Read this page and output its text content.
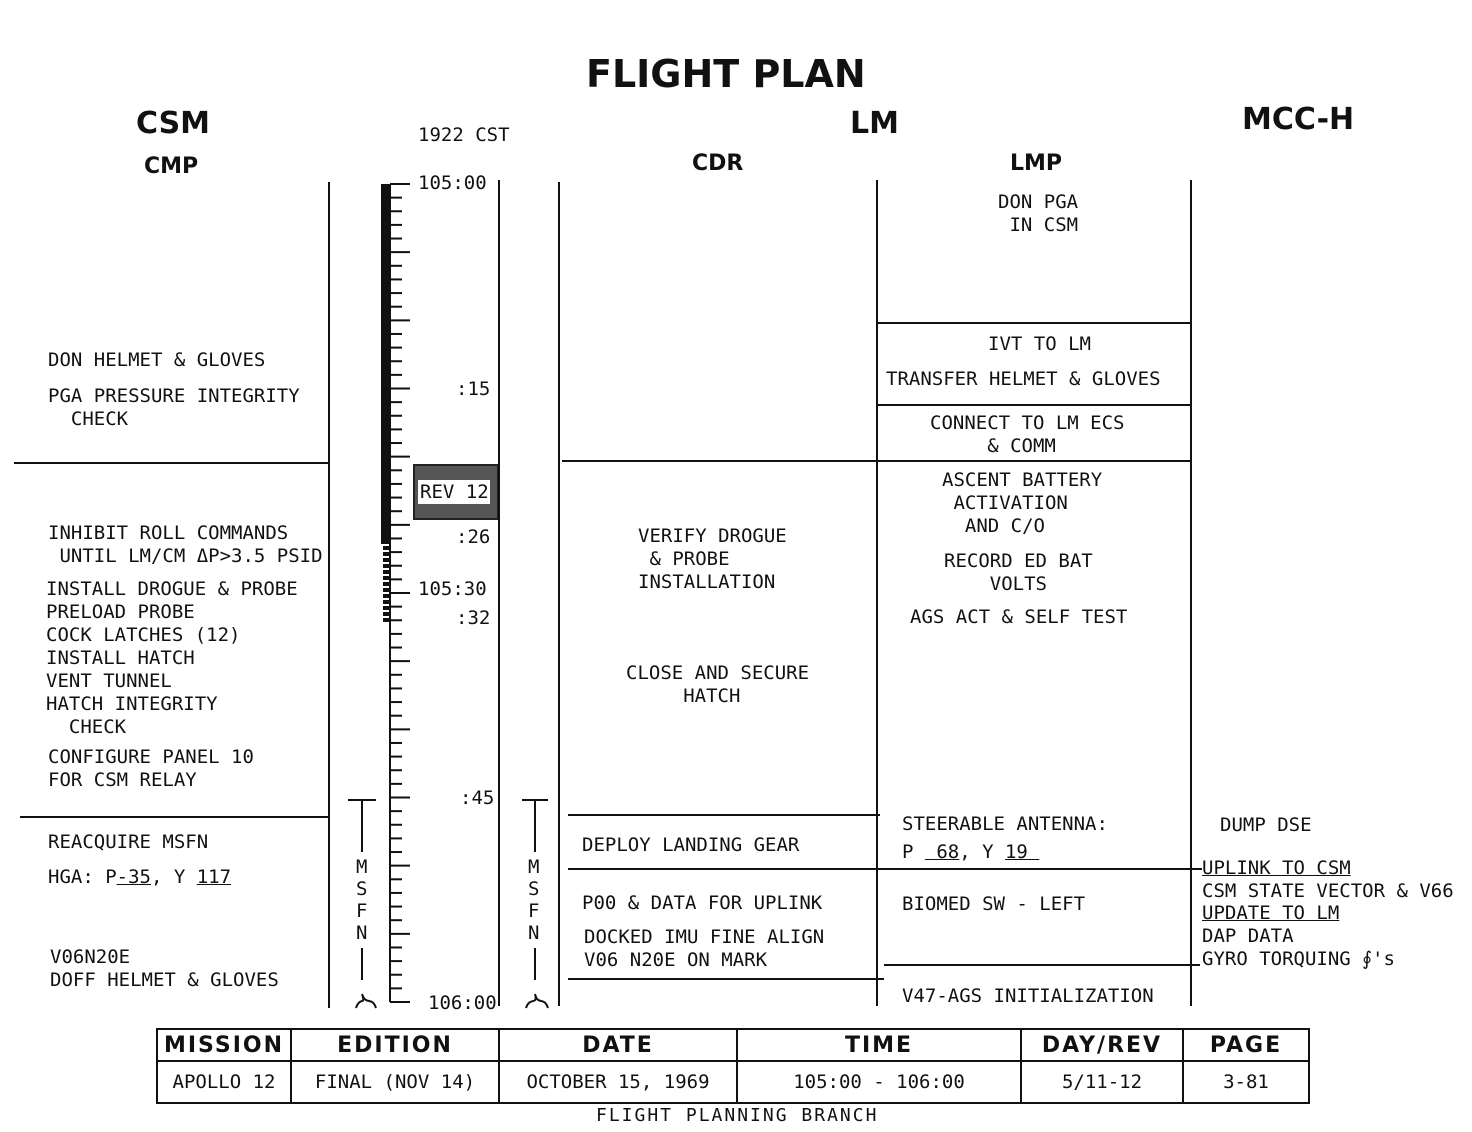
FLIGHT PLAN
CSM
CMP
1922 CST	LM
CDR	LMP
MCC-H
105:00
:15
REV 12
:26
105:30
:32
:45
106:00
M
S
F
N
M
S
F
N
DON HELMET & GLOVES
PGA PRESSURE INTEGRITY
CHECK
INHIBIT ROLL COMMANDS
UNTIL LM/CM ΔP>3.5 PSID
INSTALL DROGUE & PROBE
PRELOAD PROBE
COCK LATCHES (12)
INSTALL HATCH
VENT TUNNEL
HATCH INTEGRITY
CHECK
CONFIGURE PANEL 10
FOR CSM RELAY
REACQUIRE MSFN
HGA: P-35, Y 117
V06N20E
DOFF HELMET & GLOVES
VERIFY DROGUE
& PROBE
INSTALLATION
CLOSE AND SECURE
HATCH
DEPLOY LANDING GEAR
P00 & DATA FOR UPLINK
DOCKED IMU FINE ALIGN
V06 N20E ON MARK
DON PGA
IN CSM
IVT TO LM
TRANSFER HELMET & GLOVES
CONNECT TO LM ECS
& COMM
ASCENT BATTERY
ACTIVATION
AND C/O
RECORD ED BAT
VOLTS
AGS ACT & SELF TEST
STEERABLE ANTENNA:
P  68, Y 19
BIOMED SW - LEFT
V47-AGS INITIALIZATION
DUMP DSE
UPLINK TO CSM
CSM STATE VECTOR & V66
UPDATE TO LM
DAP DATA
GYRO TORQUING ∮'s
MISSION	EDITION	DATE	TIME	DAY/REV	PAGE
APOLLO 12	FINAL (NOV 14)	OCTOBER 15, 1969	105:00 - 106:00	5/11-12	3-81
FLIGHT PLANNING BRANCH
